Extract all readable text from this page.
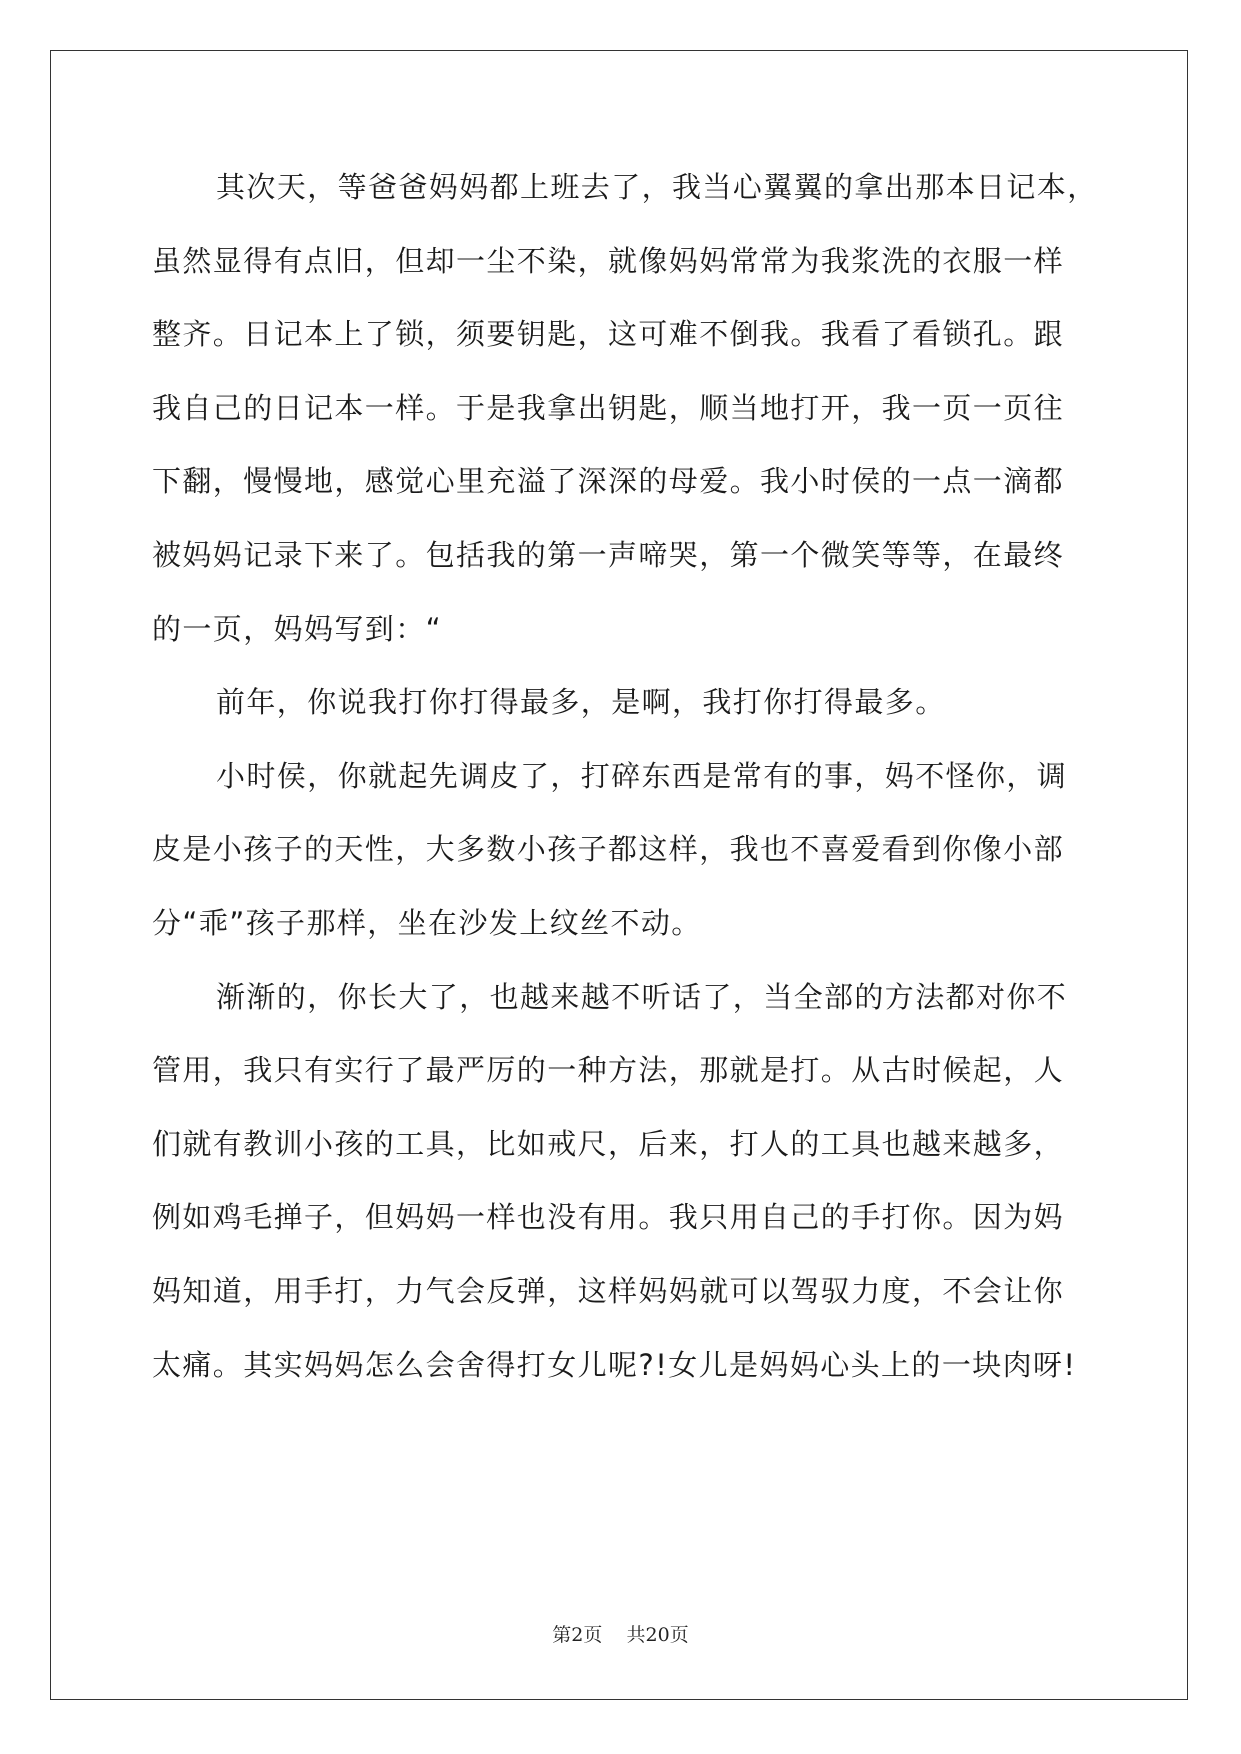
其次天，等爸爸妈妈都上班去了，我当心翼翼的拿出那本日记本，
虽然显得有点旧，但却一尘不染，就像妈妈常常为我浆洗的衣服一样
整齐。日记本上了锁，须要钥匙，这可难不倒我。我看了看锁孔。跟
我自己的日记本一样。于是我拿出钥匙，顺当地打开，我一页一页往
下翻，慢慢地，感觉心里充溢了深深的母爱。我小时侯的一点一滴都
被妈妈记录下来了。包括我的第一声啼哭，第一个微笑等等，在最终
的一页，妈妈写到：“
前年，你说我打你打得最多，是啊，我打你打得最多。
小时侯，你就起先调皮了，打碎东西是常有的事，妈不怪你，调
皮是小孩子的天性，大多数小孩子都这样，我也不喜爱看到你像小部
分“乖”孩子那样，坐在沙发上纹丝不动。
渐渐的，你长大了，也越来越不听话了，当全部的方法都对你不
管用，我只有实行了最严厉的一种方法，那就是打。从古时候起，人
们就有教训小孩的工具，比如戒尺，后来，打人的工具也越来越多，
例如鸡毛掸子，但妈妈一样也没有用。我只用自己的手打你。因为妈
妈知道，用手打，力气会反弹，这样妈妈就可以驾驭力度，不会让你
太痛。其实妈妈怎么会舍得打女儿呢?!女儿是妈妈心头上的一块肉呀!
第2页    共20页
